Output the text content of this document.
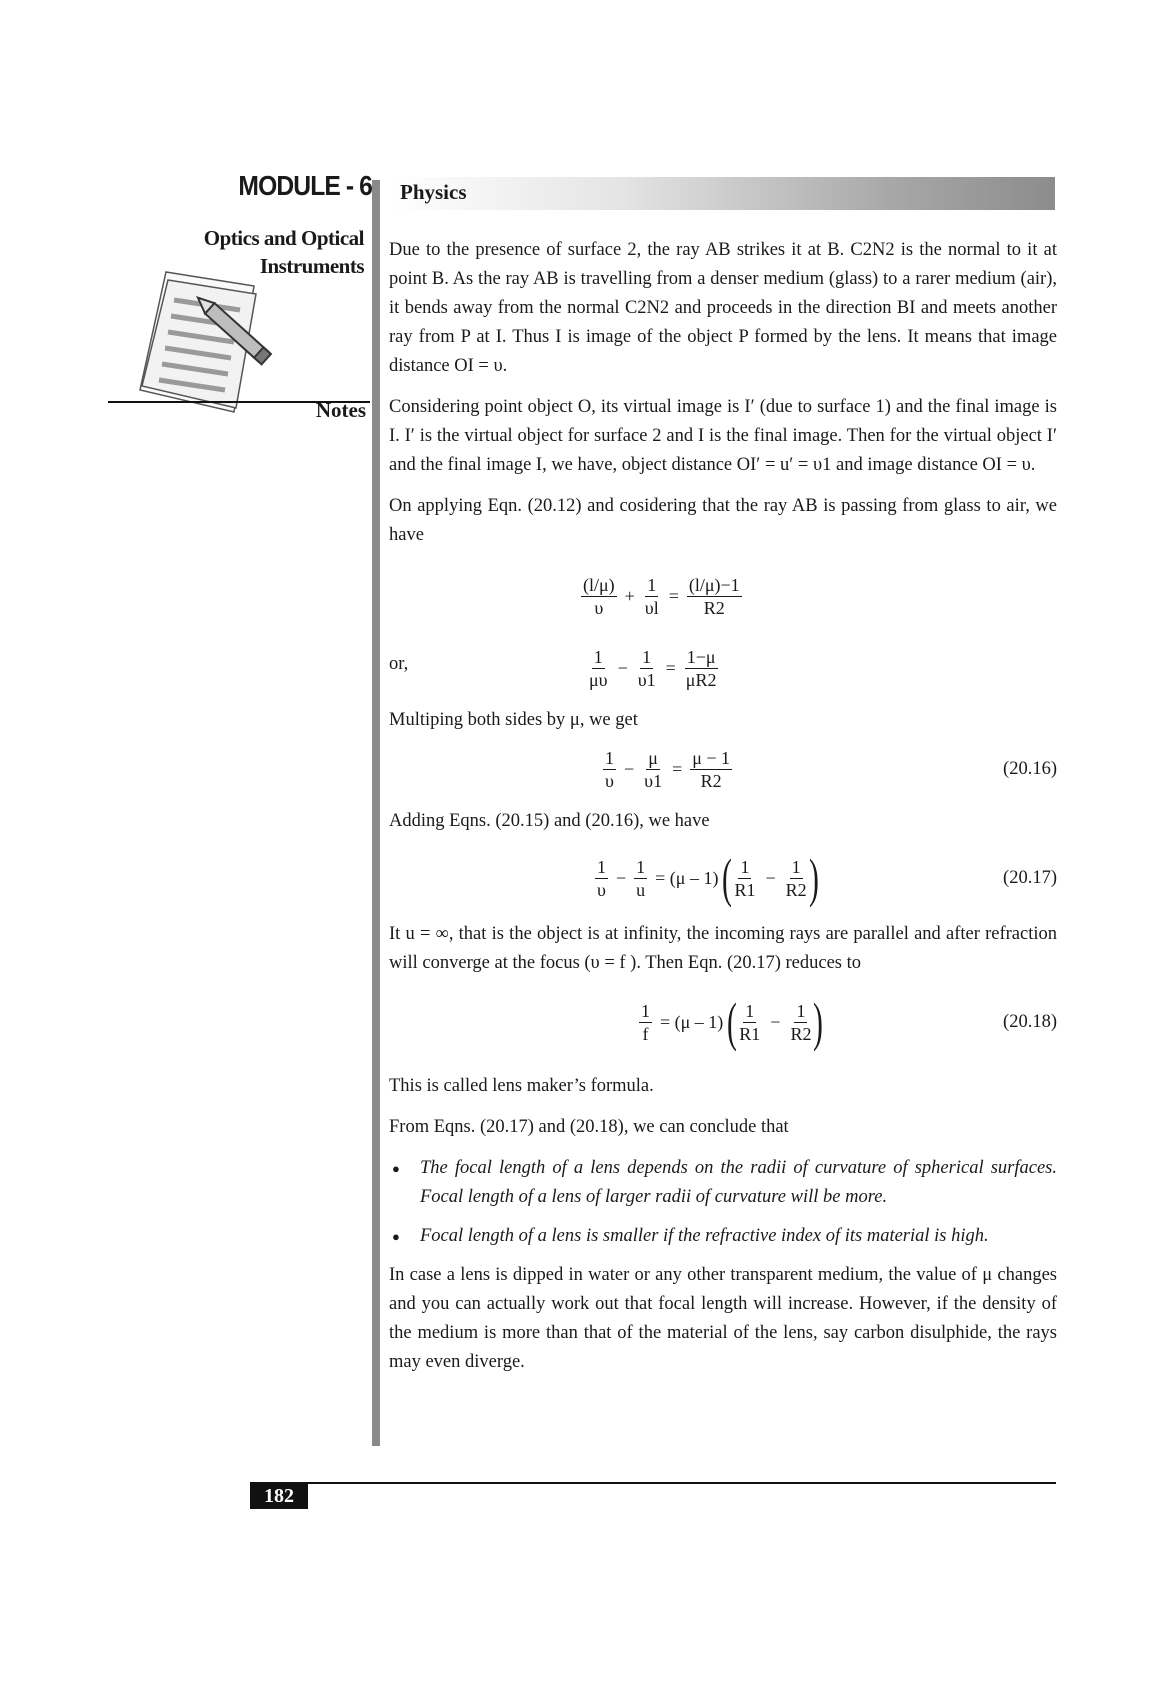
MODULE - 6
Optics and Optical
Instruments
Notes
Physics

Due to the presence of surface 2, the ray AB strikes it at B. C2N2 is the normal to it at point B. As the ray AB is travelling from a denser medium (glass) to a rarer medium (air), it bends away from the normal C2N2 and proceeds in the direction BI and meets another ray from P at I. Thus I is image of the object P formed by the lens. It means that image distance OI = υ.

Considering point object O, its virtual image is I′ (due to surface 1) and the final image is I. I′ is the virtual object for surface 2 and I is the final image. Then for the virtual object I′ and the final image I, we have, object distance OI′ = u′ = υ1 and image distance OI = υ.

On applying Eqn. (20.12) and cosidering that the ray AB is passing from glass to air, we have

$\frac{(l/\mu)}{\upsilon} + \frac{1}{\upsilon l} = \frac{(l/\mu)-1}{R2}$
or,	$\frac{1}{\mu\upsilon} - \frac{1}{\upsilon 1} = \frac{1-\mu}{\mu R2}$

Multiping both sides by μ, we get

$\frac{1}{\upsilon} - \frac{\mu}{\upsilon 1} = \frac{\mu - 1}{R2}$	(20.16)

Adding Eqns. (20.15) and (20.16), we have

$\frac{1}{\upsilon} - \frac{1}{u} = (\mu - 1)$ ( $\frac{1}{R1} - \frac{1}{R2}$ )	(20.17)

It u = ∞, that is the object is at infinity, the incoming rays are parallel and after refraction will converge at the focus (υ = f ). Then Eqn. (20.17) reduces to

$\frac{1}{f} = (\mu - 1)$ ( $\frac{1}{R1} - \frac{1}{R2}$ )	(20.18)

This is called lens maker’s formula.

From Eqns. (20.17) and (20.18), we can conclude that

● The focal length of a lens depends on the radii of curvature of spherical surfaces. Focal length of a lens of larger radii of curvature will be more.
● Focal length of a lens is smaller if the refractive index of its material is high.

In case a lens is dipped in water or any other transparent medium, the value of μ changes and you can actually work out that focal length will increase. However, if the density of the medium is more than that of the material of the lens, say carbon disulphide, the rays may even diverge.

182
